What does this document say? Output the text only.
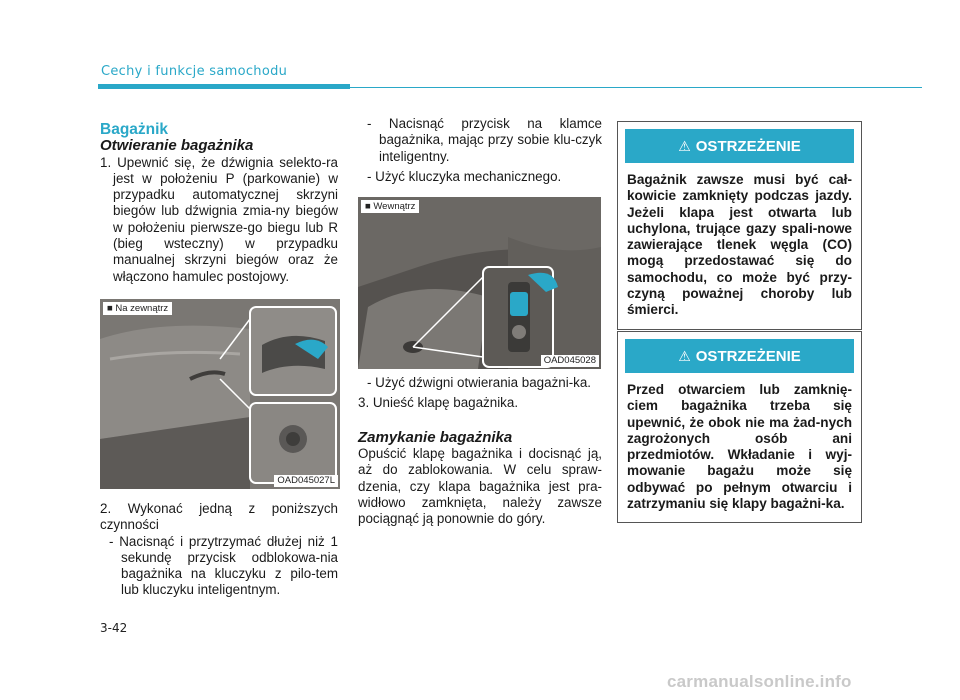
Cechy i funkcje samochodu

Bagażnik

Otwieranie bagażnika

1. Upewnić się, że dźwignia selekto-ra jest w położeniu P (parkowanie) w przypadku automatycznej skrzyni biegów lub dźwignia zmia-ny biegów w położeniu pierwsze-go biegu lub R (bieg wsteczny) w przypadku manualnej skrzyni biegów oraz że włączono hamulec postojowy.

■ Na zewnątrz
OAD045027L

2. Wykonać jedną z poniższych czynności

- Nacisnąć i przytrzymać dłużej niż 1 sekundę przycisk odblokowa-nia bagażnika na kluczyku z pilo-tem lub kluczyku inteligentnym.

- Nacisnąć przycisk na klamce bagażnika, mając przy sobie klu-czyk inteligentny.

- Użyć kluczyka mechanicznego.

■ Wewnątrz
OAD045028

- Użyć dźwigni otwierania bagażni-ka.

3. Unieść klapę bagażnika.

Zamykanie bagażnika

Opuścić klapę bagażnika i docisnąć ją, aż do zablokowania. W celu spraw-dzenia, czy klapa bagażnika jest pra-widłowo zamknięta, należy zawsze pociągnąć ją ponownie do góry.

⚠ OSTRZEŻENIE
Bagażnik zawsze musi być cał-kowicie zamknięty podczas jazdy. Jeżeli klapa jest otwarta lub uchylona, trujące gazy spali-nowe zawierające tlenek węgla (CO) mogą przedostawać się do samochodu, co może być przy-czyną poważnej choroby lub śmierci.
⚠ OSTRZEŻENIE
Przed otwarciem lub zamknię-ciem bagażnika trzeba się upewnić, że obok nie ma żad-nych zagrożonych osób ani przedmiotów. Wkładanie i wyj-mowanie bagażu może się odbywać po pełnym otwarciu i zatrzymaniu się klapy bagażni-ka.
3-42
carmanualsonline.info
